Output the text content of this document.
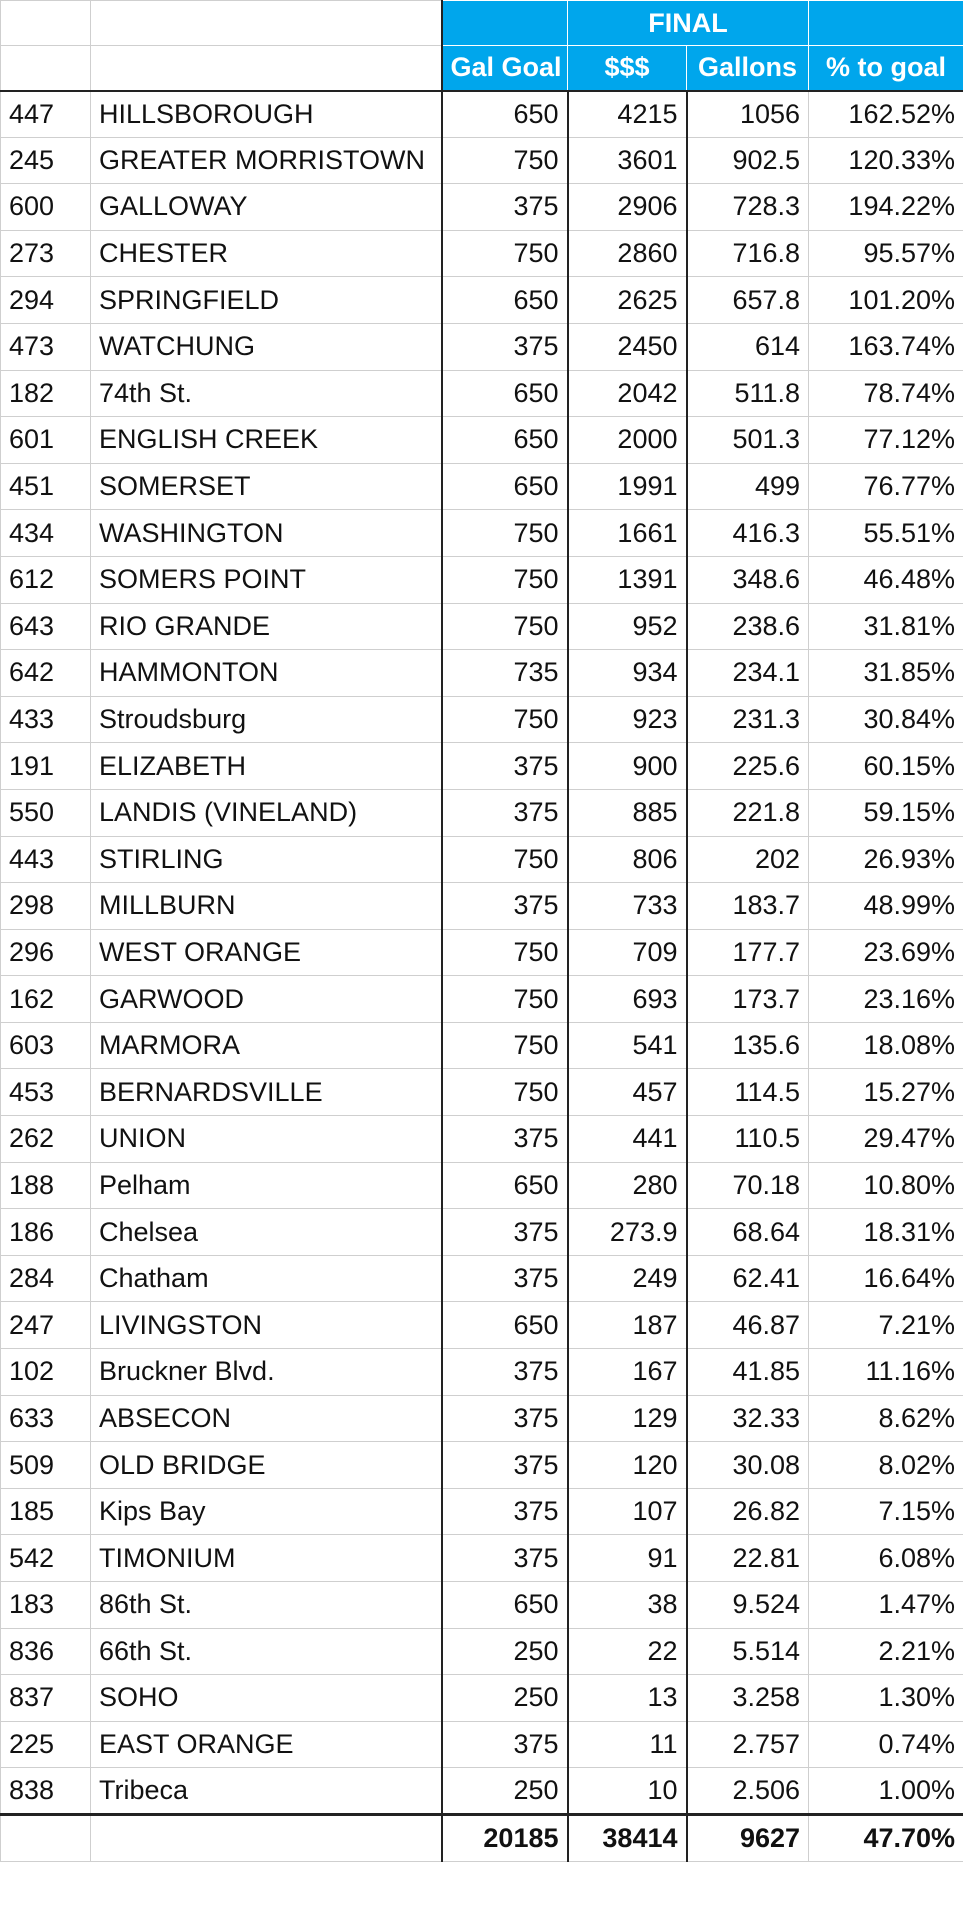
			FINAL		
		Gal Goal	$$$	Gallons	% to goal
447	HILLSBOROUGH	650	4215	1056	162.52%
245	GREATER MORRISTOWN	750	3601	902.5	120.33%
600	GALLOWAY	375	2906	728.3	194.22%
273	CHESTER	750	2860	716.8	95.57%
294	SPRINGFIELD	650	2625	657.8	101.20%
473	WATCHUNG	375	2450	614	163.74%
182	74th St.	650	2042	511.8	78.74%
601	ENGLISH CREEK	650	2000	501.3	77.12%
451	SOMERSET	650	1991	499	76.77%
434	WASHINGTON	750	1661	416.3	55.51%
612	SOMERS POINT	750	1391	348.6	46.48%
643	RIO GRANDE	750	952	238.6	31.81%
642	HAMMONTON	735	934	234.1	31.85%
433	Stroudsburg	750	923	231.3	30.84%
191	ELIZABETH	375	900	225.6	60.15%
550	LANDIS (VINELAND)	375	885	221.8	59.15%
443	STIRLING	750	806	202	26.93%
298	MILLBURN	375	733	183.7	48.99%
296	WEST ORANGE	750	709	177.7	23.69%
162	GARWOOD	750	693	173.7	23.16%
603	MARMORA	750	541	135.6	18.08%
453	BERNARDSVILLE	750	457	114.5	15.27%
262	UNION	375	441	110.5	29.47%
188	Pelham	650	280	70.18	10.80%
186	Chelsea	375	273.9	68.64	18.31%
284	Chatham	375	249	62.41	16.64%
247	LIVINGSTON	650	187	46.87	7.21%
102	Bruckner Blvd.	375	167	41.85	11.16%
633	ABSECON	375	129	32.33	8.62%
509	OLD BRIDGE	375	120	30.08	8.02%
185	Kips Bay	375	107	26.82	7.15%
542	TIMONIUM	375	91	22.81	6.08%
183	86th St.	650	38	9.524	1.47%
836	66th St.	250	22	5.514	2.21%
837	SOHO	250	13	3.258	1.30%
225	EAST ORANGE	375	11	2.757	0.74%
838	Tribeca	250	10	2.506	1.00%
		20185	38414	9627	47.70%
